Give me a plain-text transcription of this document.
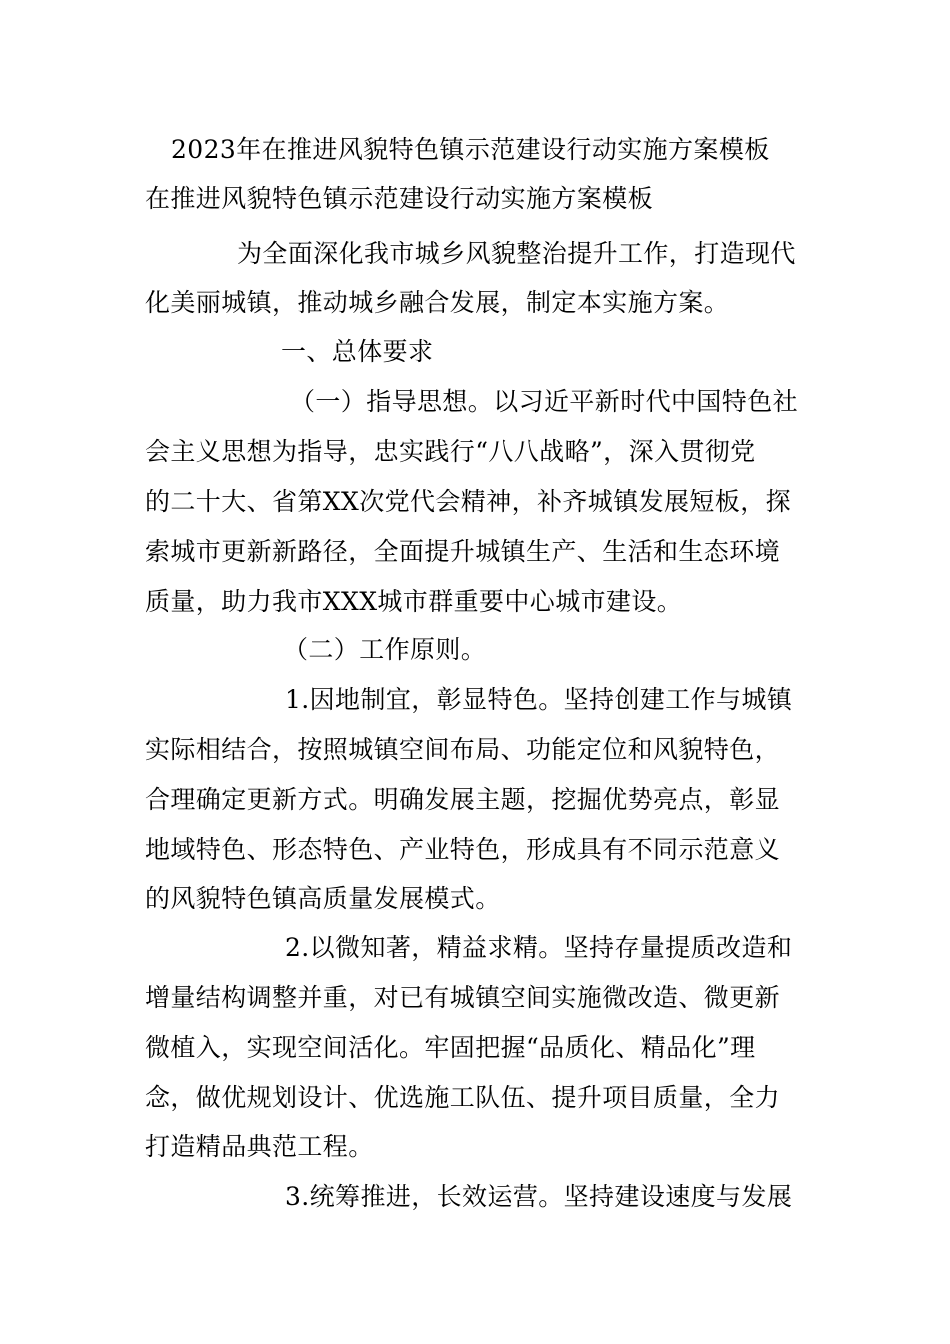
2023年在推进风貌特色镇示范建设行动实施方案模板
在推进风貌特色镇示范建设行动实施方案模板
为全面深化我市城乡风貌整治提升工作，打造现代
化美丽城镇，推动城乡融合发展，制定本实施方案。
一、总体要求
（一）指导思想。以习近平新时代中国特色社
会主义思想为指导，忠实践行“八八战略”，深入贯彻党
的二十大、省第XX次党代会精神，补齐城镇发展短板，探
索城市更新新路径，全面提升城镇生产、生活和生态环境
质量，助力我市XXX城市群重要中心城市建设。
（二）工作原则。
1.因地制宜，彰显特色。坚持创建工作与城镇
实际相结合，按照城镇空间布局、功能定位和风貌特色，
合理确定更新方式。明确发展主题，挖掘优势亮点，彰显
地域特色、形态特色、产业特色，形成具有不同示范意义
的风貌特色镇高质量发展模式。
2.以微知著，精益求精。坚持存量提质改造和
增量结构调整并重，对已有城镇空间实施微改造、微更新
微植入，实现空间活化。牢固把握“品质化、精品化”理
念，做优规划设计、优选施工队伍、提升项目质量，全力
打造精品典范工程。
3.统筹推进，长效运营。坚持建设速度与发展
